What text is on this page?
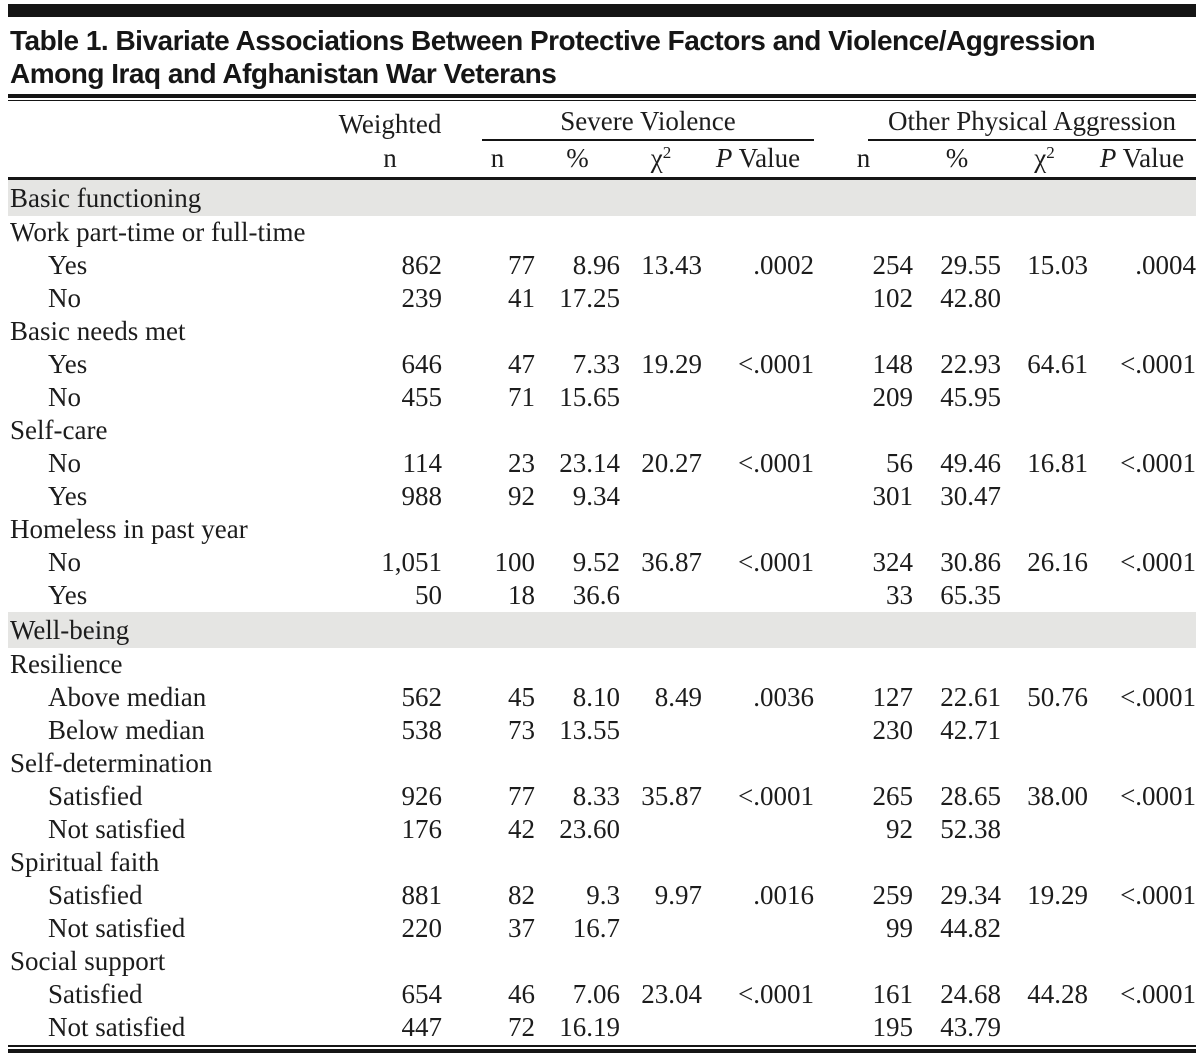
Table 1. Bivariate Associations Between Protective Factors and Violence/Aggression
Among Iraq and Afghanistan War Veterans
	Weighted	Severe Violence				Other Physical Aggression			

	n	n	%	$\chi^2$	P Value	n	%	$\chi^2$	P Value
Basic functioning									
Work part-time or full-time									
Yes	862	77	8.96	13.43	.0002	254	29.55	15.03	.0004
No	239	41	17.25			102	42.80		
Basic needs met									
Yes	646	47	7.33	19.29	<.0001	148	22.93	64.61	<.0001
No	455	71	15.65			209	45.95		
Self-care									
No	114	23	23.14	20.27	<.0001	56	49.46	16.81	<.0001
Yes	988	92	9.34			301	30.47		
Homeless in past year									
No	1,051	100	9.52	36.87	<.0001	324	30.86	26.16	<.0001
Yes	50	18	36.6			33	65.35		
Well-being									
Resilience									
Above median	562	45	8.10	8.49	.0036	127	22.61	50.76	<.0001
Below median	538	73	13.55			230	42.71		
Self-determination									
Satisfied	926	77	8.33	35.87	<.0001	265	28.65	38.00	<.0001
Not satisfied	176	42	23.60			92	52.38		
Spiritual faith									
Satisfied	881	82	9.3	9.97	.0016	259	29.34	19.29	<.0001
Not satisfied	220	37	16.7			99	44.82		
Social support									
Satisfied	654	46	7.06	23.04	<.0001	161	24.68	44.28	<.0001
Not satisfied	447	72	16.19			195	43.79		
